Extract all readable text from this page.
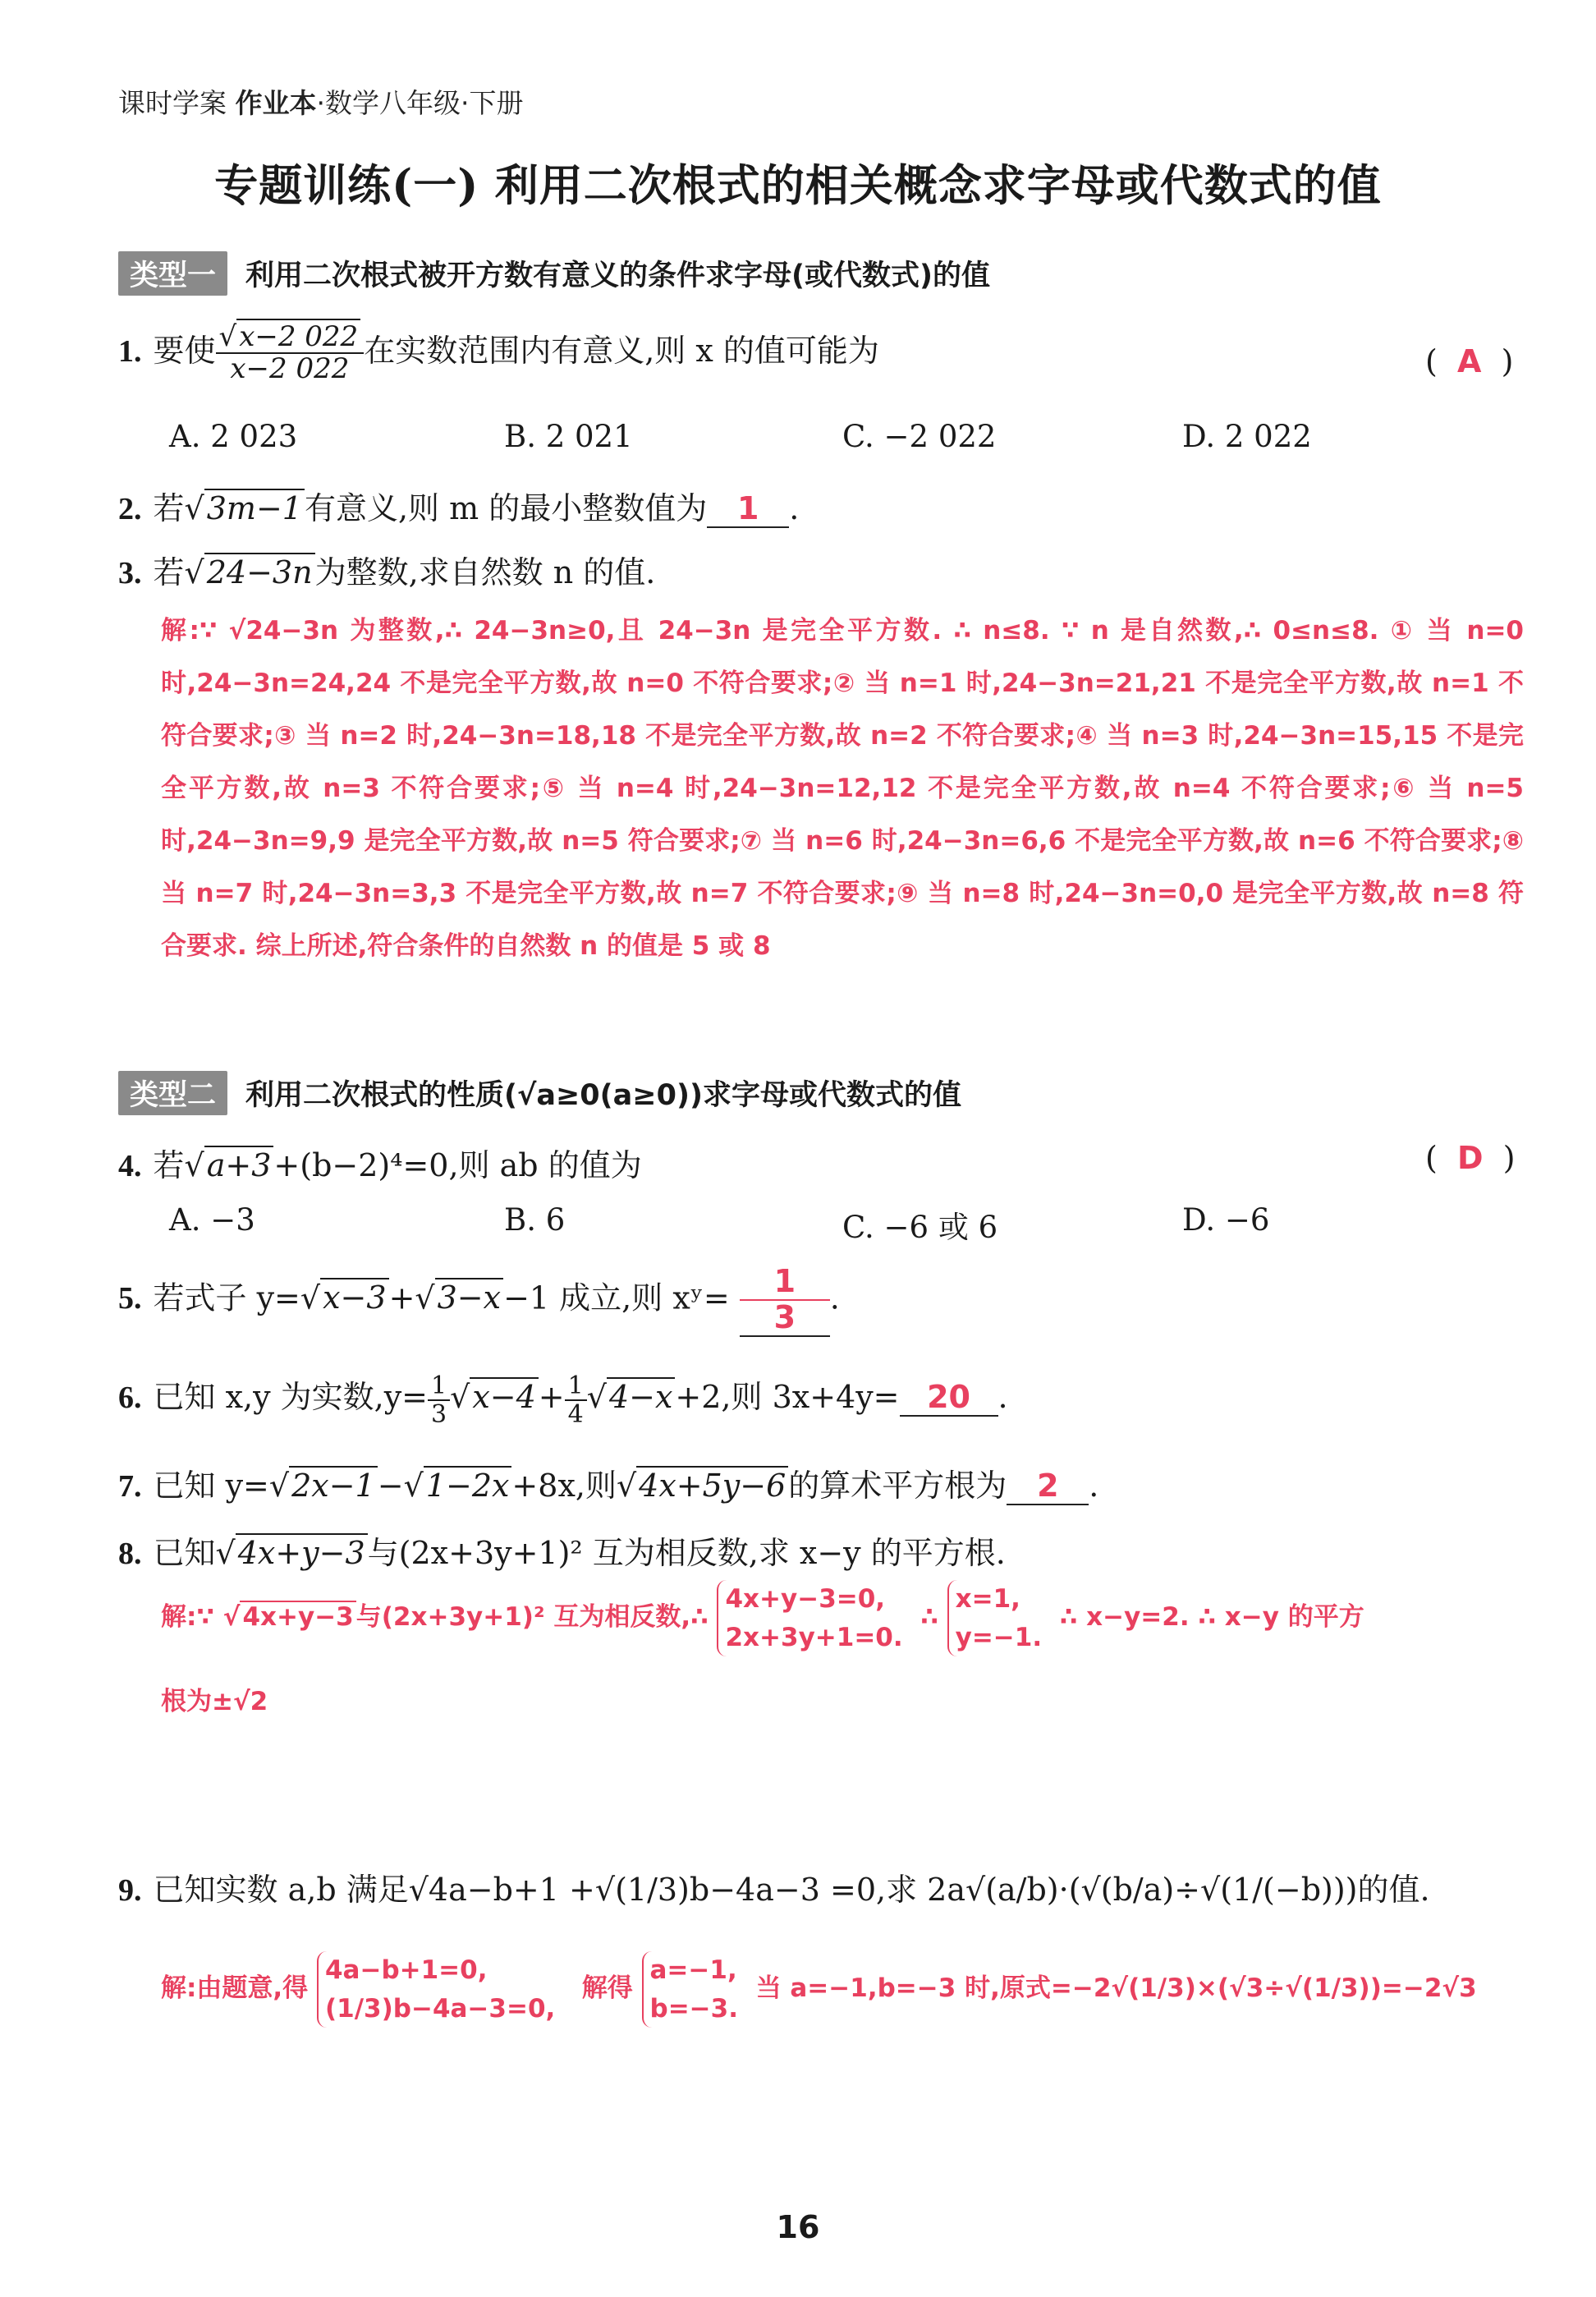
课时学案 作业本·数学八年级·下册
专题训练(一) 利用二次根式的相关概念求字母或代数式的值
类型一 利用二次根式被开方数有意义的条件求字母(或代数式)的值
1. 要使 $\frac{√x-2 022}{x-2 022}$ 在实数范围内有意义,则 x 的值可能为	(  A  )
A. 2 023	B. 2 021	C. −2 022	D. 2 022
2. 若√3m−1有意义,则 m 的最小整数值为 1 .
3. 若√24−3n为整数,求自然数 n 的值.
解:∵ √24−3n 为整数,∴ 24−3n≥0,且 24−3n 是完全平方数. ∴ n≤8. ∵ n 是自然数,∴ 0≤n≤8. ① 当 n=0 时,24−3n=24,24 不是完全平方数,故 n=0 不符合要求;② 当 n=1 时,24−3n=21,21 不是完全平方数,故 n=1 不符合要求;③ 当 n=2 时,24−3n=18,18 不是完全平方数,故 n=2 不符合要求;④ 当 n=3 时,24−3n=15,15 不是完全平方数,故 n=3 不符合要求;⑤ 当 n=4 时,24−3n=12,12 不是完全平方数,故 n=4 不符合要求;⑥ 当 n=5 时,24−3n=9,9 是完全平方数,故 n=5 符合要求;⑦ 当 n=6 时,24−3n=6,6 不是完全平方数,故 n=6 不符合要求;⑧ 当 n=7 时,24−3n=3,3 不是完全平方数,故 n=7 不符合要求;⑨ 当 n=8 时,24−3n=0,0 是完全平方数,故 n=8 符合要求. 综上所述,符合条件的自然数 n 的值是 5 或 8
类型二 利用二次根式的性质(√a≥0(a≥0))求字母或代数式的值
4. 若√a+3+(b−2)⁴=0,则 ab 的值为	(  D  )
A. −3	B. 6	C. −6 或 6	D. −6
5. 若式子 y=√x−3+√3−x−1 成立,则 xʸ= $\frac{1}{3}$ .
6. 已知 x,y 为实数$,y= \frac{1}{3} √x-4+ \frac{1}{4} √4-x+2$,则 3x+4y= 20 .
7. 已知 y=√2x−1−√1−2x+8x,则√4x+5y−6的算术平方根为 2 .
8. 已知√4x+y−3与(2x+3y+1)² 互为相反数,求 x−y 的平方根.
解:∵ √4x+y−3与(2x+3y+1)² 互为相反数,∴
4x+y−3=0,
2x+3y+1=0.
∴
x=1,
y=−1.
∴ x−y=2. ∴ x−y 的平方
根为±√2
9. 已知实数 a,b 满足√4a−b+1 +√(1/3)b−4a−3 =0,求 2a√(a/b)·(√(b/a)÷√(1/(−b)))的值.
解:由题意,得
4a−b+1=0,
(1/3)b−4a−3=0,
解得
a=−1,
b=−3.
当 a=−1,b=−3 时,原式=−2√(1/3)×(√3÷√(1/3))=−2√3
16
